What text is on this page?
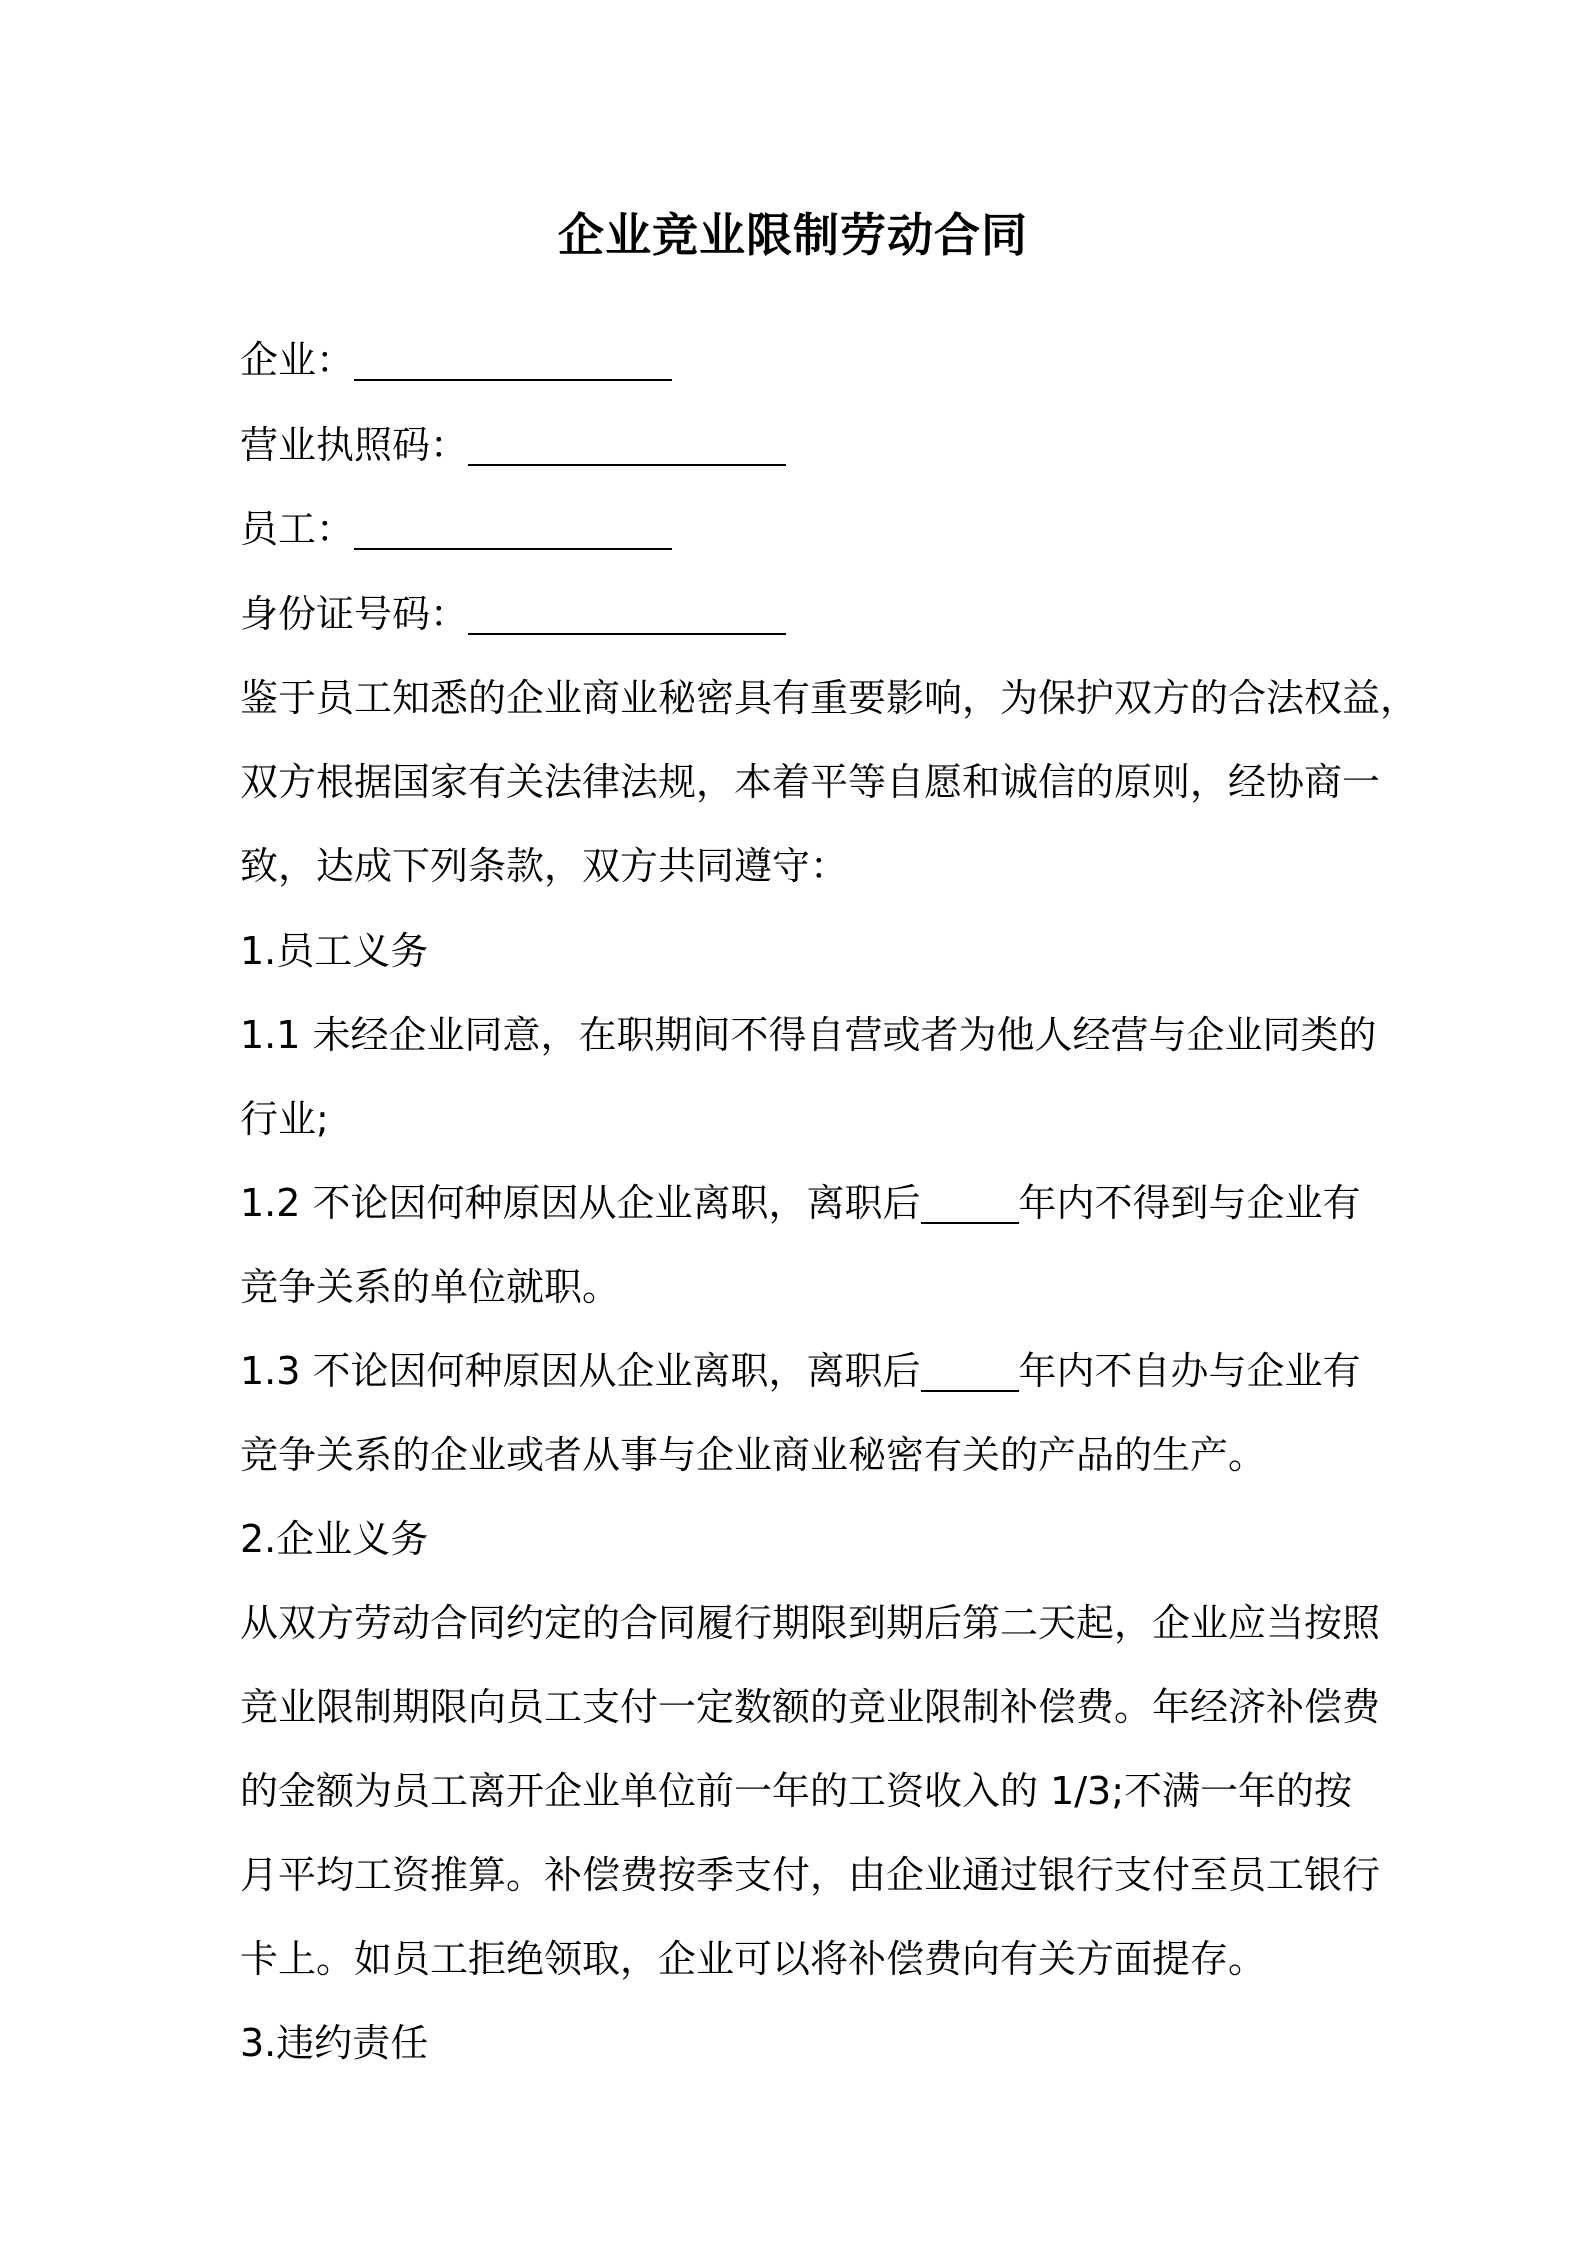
企业竞业限制劳动合同
企业：
营业执照码：
员工：
身份证号码：
鉴于员工知悉的企业商业秘密具有重要影响，为保护双方的合法权益，
双方根据国家有关法律法规，本着平等自愿和诚信的原则，经协商一
致，达成下列条款，双方共同遵守：
1.员工义务
1.1 未经企业同意，在职期间不得自营或者为他人经营与企业同类的
行业;
1.2 不论因何种原因从企业离职，离职后	年内不得到与企业有
竞争关系的单位就职。
1.3 不论因何种原因从企业离职，离职后	年内不自办与企业有
竞争关系的企业或者从事与企业商业秘密有关的产品的生产。
2.企业义务
从双方劳动合同约定的合同履行期限到期后第二天起，企业应当按照
竞业限制期限向员工支付一定数额的竞业限制补偿费。年经济补偿费
的金额为员工离开企业单位前一年的工资收入的 1/3;不满一年的按
月平均工资推算。补偿费按季支付，由企业通过银行支付至员工银行
卡上。如员工拒绝领取，企业可以将补偿费向有关方面提存。
3.违约责任
